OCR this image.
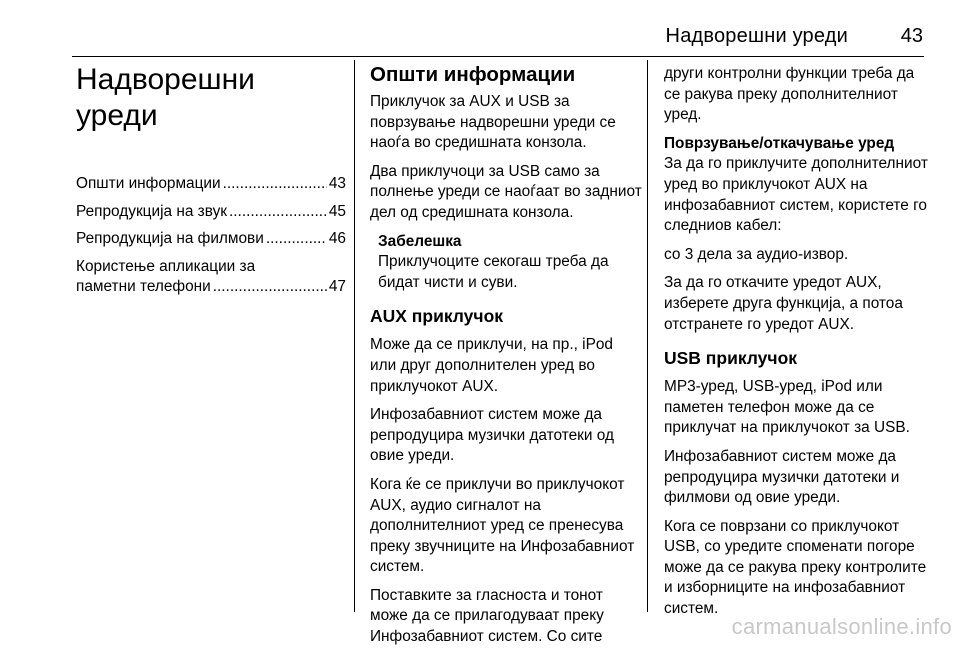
Надворешни уреди	43
Надворешни
уреди
Општи информации .....	43
Репродукција на звук .....	45
Репродукција на филмови .....	46
Користење апликации за
паметни телефони .....	47
Општи информации

Приклучок за AUX и USB за поврзување надворешни уреди се наоѓа во средишната конзола.

Два приклучоци за USB само за полнење уреди се наоѓаат во задниот дел од средишната конзола.

Забелешка
Приклучоците секогаш треба да бидат чисти и суви.
AUX приклучок

Може да се приклучи, на пр., iPod или друг дополнителен уред во приклучокот AUX.

Инфозабавниот систем може да репродуцира музички датотеки од овие уреди.

Кога ќе се приклучи во приклучокот AUX, аудио сигналот на дополнителниот уред се пренесува преку звучниците на Инфозабавниот систем.

Поставките за гласноста и тонот може да се прилагодуваат преку Инфозабавниот систем. Со сите

други контролни функции треба да се ракува преку дополнителниот уред.

Поврзување/откачување уред

За да го приклучите дополнителниот уред во приклучокот AUX на инфозабавниот систем, користете го следниов кабел:

со 3 дела за аудио-извор.

За да го откачите уредот AUX, изберете друга функција, а потоа отстранете го уредот AUX.

USB приклучок

MP3-уред, USB-уред, iPod или паметен телефон може да се приклучат на приклучокот за USB.

Инфозабавниот систем може да репродуцира музички датотеки и филмови од овие уреди.

Кога се поврзани со приклучокот USB, со уредите споменати погоре може да се ракува преку контролите и изборниците на инфозабавниот систем.

carmanualsonline.info
